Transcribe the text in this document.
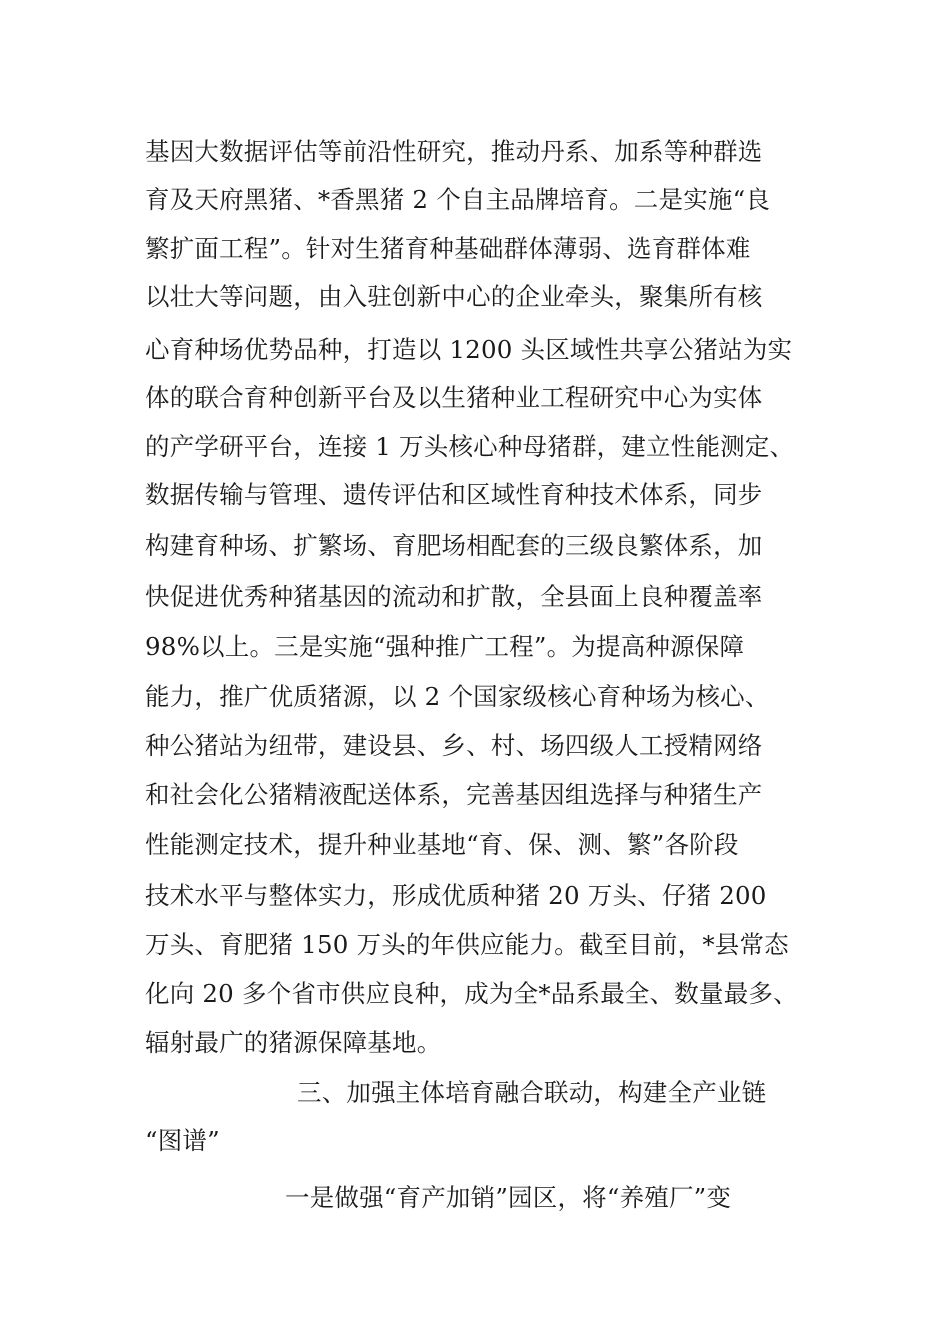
基因大数据评估等前沿性研究，推动丹系、加系等种群选
育及天府黑猪、*香黑猪 2 个自主品牌培育。二是实施“良
繁扩面工程”。针对生猪育种基础群体薄弱、选育群体难
以壮大等问题，由入驻创新中心的企业牵头，聚集所有核
心育种场优势品种，打造以 1200 头区域性共享公猪站为实
体的联合育种创新平台及以生猪种业工程研究中心为实体
的产学研平台，连接 1 万头核心种母猪群，建立性能测定、
数据传输与管理、遗传评估和区域性育种技术体系，同步
构建育种场、扩繁场、育肥场相配套的三级良繁体系，加
快促进优秀种猪基因的流动和扩散，全县面上良种覆盖率
98%以上。三是实施“强种推广工程”。为提高种源保障
能力，推广优质猪源，以 2 个国家级核心育种场为核心、
种公猪站为纽带，建设县、乡、村、场四级人工授精网络
和社会化公猪精液配送体系，完善基因组选择与种猪生产
性能测定技术，提升种业基地“育、保、测、繁”各阶段
技术水平与整体实力，形成优质种猪 20 万头、仔猪 200
万头、育肥猪 150 万头的年供应能力。截至目前，*县常态
化向 20 多个省市供应良种，成为全*品系最全、数量最多、
辐射最广的猪源保障基地。
三、加强主体培育融合联动，构建全产业链
“图谱”
一是做强“育产加销”园区，将“养殖厂”变
